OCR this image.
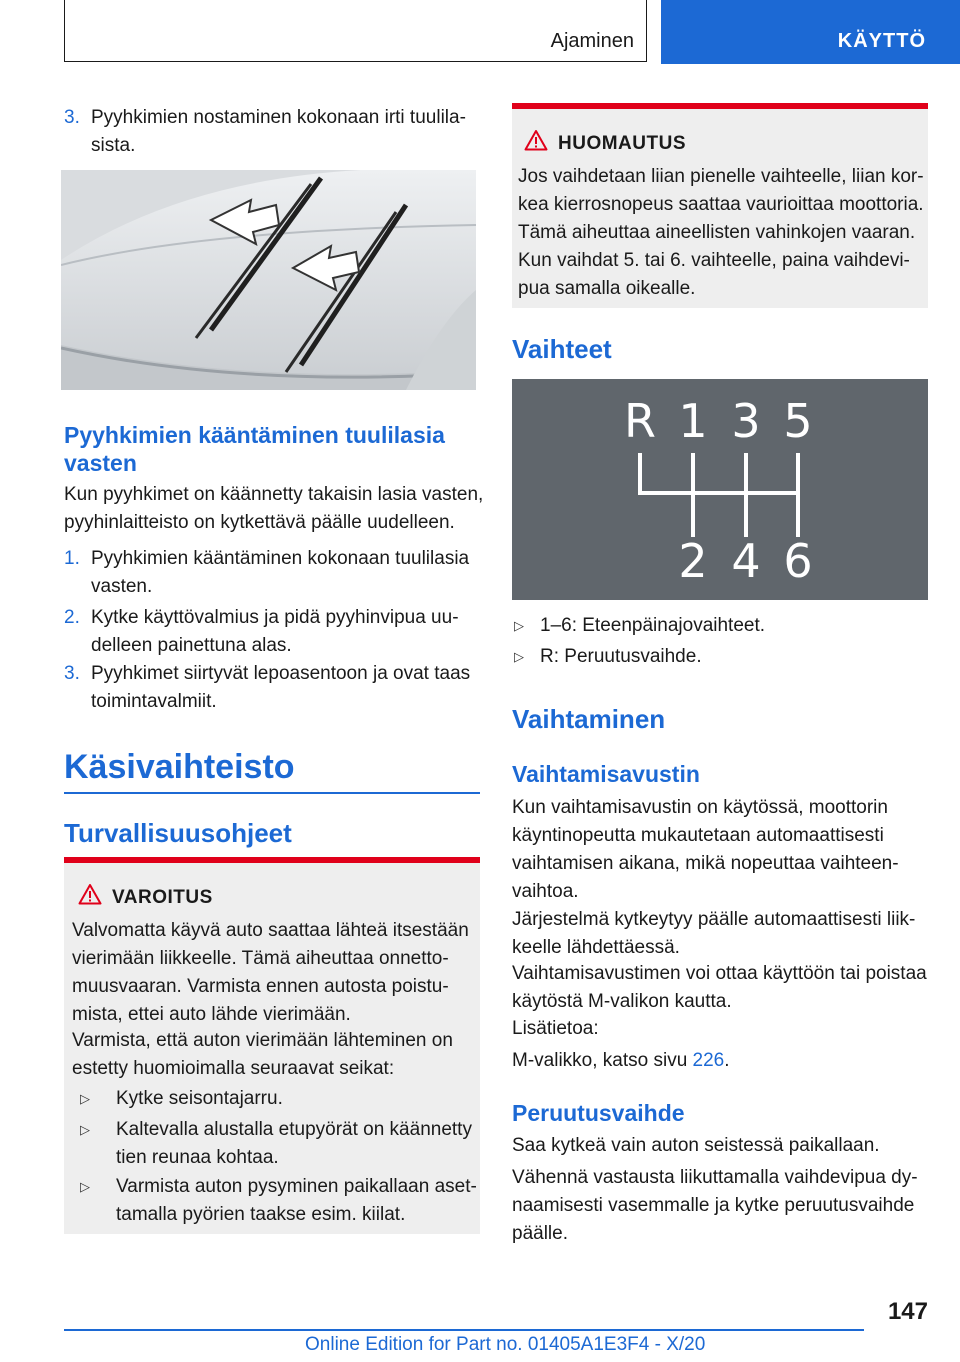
Ajaminen	KÄYTTÖ
3. Pyyhkimien nostaminen kokonaan irti tuulila-
sista.
Pyyhkimien kääntäminen tuulilasia
vasten
Kun pyyhkimet on käännetty takaisin lasia vasten,
pyyhinlaitteisto on kytkettävä päälle uudelleen.
1. Pyyhkimien kääntäminen kokonaan tuulilasia
vasten.
2. Kytke käyttövalmius ja pidä pyyhinvipua uu-
delleen painettuna alas.
3. Pyyhkimet siirtyvät lepoasentoon ja ovat taas
toimintavalmiit.
Käsivaihteisto
Turvallisuusohjeet
VAROITUS
Valvomatta käyvä auto saattaa lähteä itsestään
vierimään liikkeelle. Tämä aiheuttaa onnetto-
muusvaaran. Varmista ennen autosta poistu-
mista, ettei auto lähde vierimään.
Varmista, että auton vierimään lähteminen on
estetty huomioimalla seuraavat seikat:
▷ Kytke seisontajarru.
▷ Kaltevalla alustalla etupyörät on käännetty
tien reunaa kohtaa.
▷ Varmista auton pysyminen paikallaan aset-
tamalla pyörien taakse esim. kiilat.
HUOMAUTUS
Jos vaihdetaan liian pienelle vaihteelle, liian kor-
kea kierrosnopeus saattaa vaurioittaa moottoria.
Tämä aiheuttaa aineellisten vahinkojen vaaran.
Kun vaihdat 5. tai 6. vaihteelle, paina vaihdevi-
pua samalla oikealle.
Vaihteet
R 1 3 5
2 4 6
▷ 1–6: Eteenpäinajovaihteet.
▷ R: Peruutusvaihde.
Vaihtaminen
Vaihtamisavustin
Kun vaihtamisavustin on käytössä, moottorin
käyntinopeutta mukautetaan automaattisesti
vaihtamisen aikana, mikä nopeuttaa vaihteen-
vaihtoa.
Järjestelmä kytkeytyy päälle automaattisesti liik-
keelle lähdettäessä.
Vaihtamisavustimen voi ottaa käyttöön tai poistaa
käytöstä M-valikon kautta.
Lisätietoa:
M-valikko, katso sivu 226.
Peruutusvaihde
Saa kytkeä vain auton seistessä paikallaan.
Vähennä vastausta liikuttamalla vaihdevipua dy-
naamisesti vasemmalle ja kytke peruutusvaihde
päälle.
147
Online Edition for Part no. 01405A1E3F4 - X/20
